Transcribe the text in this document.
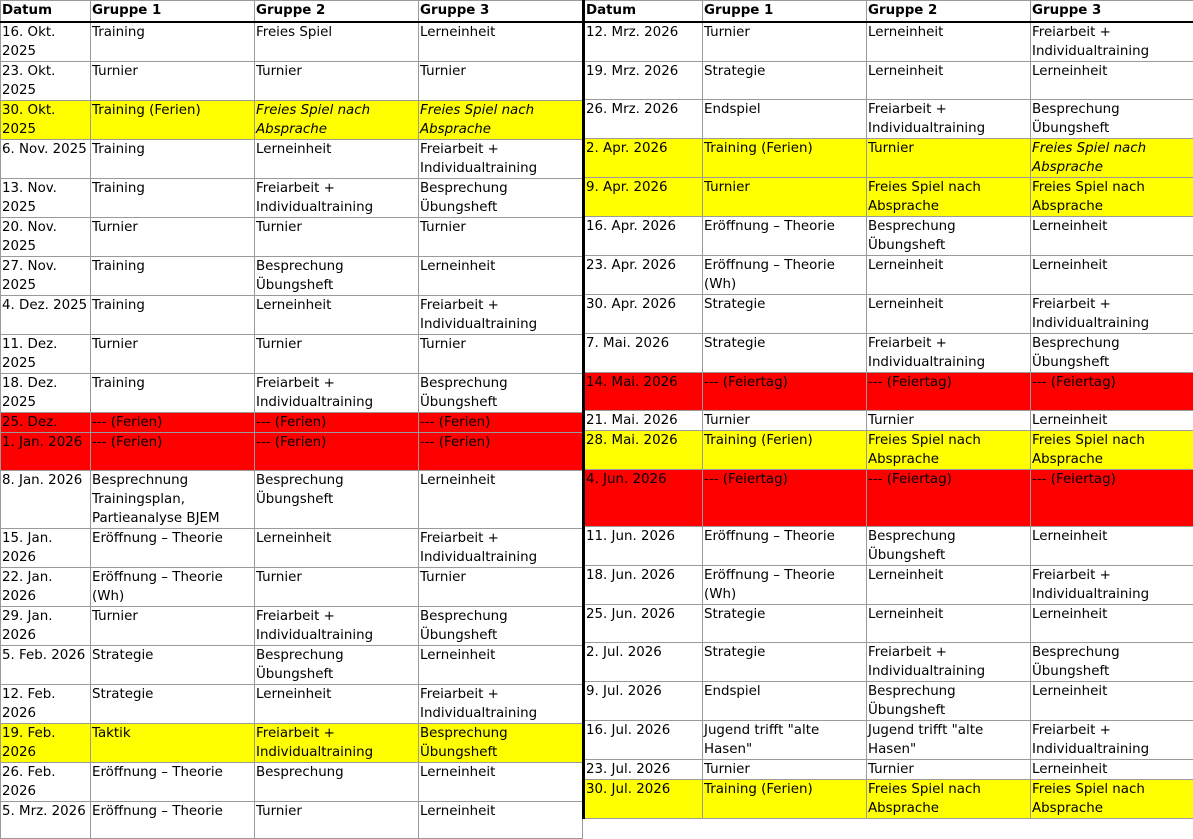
Datum	Gruppe 1	Gruppe 2	Gruppe 3
16. Okt. 2025	Training	Freies Spiel	Lerneinheit
23. Okt. 2025	Turnier	Turnier	Turnier
30. Okt. 2025	Training (Ferien)	Freies Spiel nach Absprache	Freies Spiel nach Absprache
6. Nov. 2025	Training	Lerneinheit	Freiarbeit + Individualtraining
13. Nov. 2025	Training	Freiarbeit + Individualtraining	Besprechung Übungsheft
20. Nov. 2025	Turnier	Turnier	Turnier
27. Nov. 2025	Training	Besprechung Übungsheft	Lerneinheit
4. Dez. 2025	Training	Lerneinheit	Freiarbeit + Individualtraining
11. Dez. 2025	Turnier	Turnier	Turnier
18. Dez. 2025	Training	Freiarbeit + Individualtraining	Besprechung Übungsheft
25. Dez.	--- (Ferien)	--- (Ferien)	--- (Ferien)
1. Jan. 2026	--- (Ferien)	--- (Ferien)	--- (Ferien)
8. Jan. 2026	Besprechnung Trainingsplan, Partieanalyse BJEM	Besprechung Übungsheft	Lerneinheit
15. Jan. 2026	Eröffnung – Theorie	Lerneinheit	Freiarbeit + Individualtraining
22. Jan. 2026	Eröffnung – Theorie (Wh)	Turnier	Turnier
29. Jan. 2026	Turnier	Freiarbeit + Individualtraining	Besprechung Übungsheft
5. Feb. 2026	Strategie	Besprechung Übungsheft	Lerneinheit
12. Feb. 2026	Strategie	Lerneinheit	Freiarbeit + Individualtraining
19. Feb. 2026	Taktik	Freiarbeit + Individualtraining	Besprechung Übungsheft
26. Feb. 2026	Eröffnung – Theorie	Besprechung	Lerneinheit
5. Mrz. 2026	Eröffnung – Theorie	Turnier	Lerneinheit
Datum	Gruppe 1	Gruppe 2	Gruppe 3
12. Mrz. 2026	Turnier	Lerneinheit	Freiarbeit + Individualtraining
19. Mrz. 2026	Strategie	Lerneinheit	Lerneinheit
26. Mrz. 2026	Endspiel	Freiarbeit + Individualtraining	Besprechung Übungsheft
2. Apr. 2026	Training (Ferien)	Turnier	Freies Spiel nach Absprache
9. Apr. 2026	Turnier	Freies Spiel nach Absprache	Freies Spiel nach Absprache
16. Apr. 2026	Eröffnung – Theorie	Besprechung Übungsheft	Lerneinheit
23. Apr. 2026	Eröffnung – Theorie (Wh)	Lerneinheit	Lerneinheit
30. Apr. 2026	Strategie	Lerneinheit	Freiarbeit + Individualtraining
7. Mai. 2026	Strategie	Freiarbeit + Individualtraining	Besprechung Übungsheft
14. Mai. 2026	--- (Feiertag)	--- (Feiertag)	--- (Feiertag)
21. Mai. 2026	Turnier	Turnier	Lerneinheit
28. Mai. 2026	Training (Ferien)	Freies Spiel nach Absprache	Freies Spiel nach Absprache
4. Jun. 2026	--- (Feiertag)	--- (Feiertag)	--- (Feiertag)
11. Jun. 2026	Eröffnung – Theorie	Besprechung Übungsheft	Lerneinheit
18. Jun. 2026	Eröffnung – Theorie (Wh)	Lerneinheit	Freiarbeit + Individualtraining
25. Jun. 2026	Strategie	Lerneinheit	Lerneinheit
2. Jul. 2026	Strategie	Freiarbeit + Individualtraining	Besprechung Übungsheft
9. Jul. 2026	Endspiel	Besprechung Übungsheft	Lerneinheit
16. Jul. 2026	Jugend trifft "alte Hasen"	Jugend trifft "alte Hasen"	Freiarbeit + Individualtraining
23. Jul. 2026	Turnier	Turnier	Lerneinheit
30. Jul. 2026	Training (Ferien)	Freies Spiel nach Absprache	Freies Spiel nach Absprache
